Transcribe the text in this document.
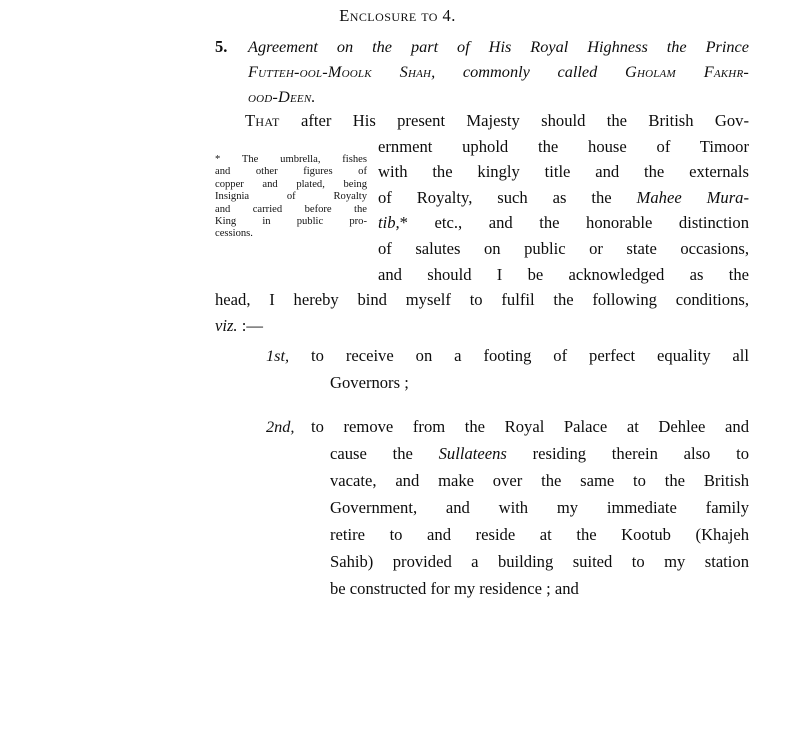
Enclosure to 4.
5. Agreement on the part of His Royal Highness the Prince
Futteh-ool-Moolk Shah, commonly called Gholam Fakhr-
ood-Deen.
* The umbrella, fishes
and other figures of
copper and plated, being
Insignia of Royalty
and carried before the
King in public pro-
cessions.
That after His present Majesty should the British Gov-
ernment uphold the house of Timoor
with the kingly title and the externals
of Royalty, such as the Mahee Mura-
tib,* etc., and the honorable distinction
of salutes on public or state occasions,
and should I be acknowledged as the
head, I hereby bind myself to fulfil the following conditions,
viz. :—
1st, to receive on a footing of perfect equality all
Governors ;
2nd, to remove from the Royal Palace at Dehlee and
cause the Sullateens residing therein also to
vacate, and make over the same to the British
Government, and with my immediate family
retire to and reside at the Kootub (Khajeh
Sahib) provided a building suited to my station
be constructed for my residence ; and
